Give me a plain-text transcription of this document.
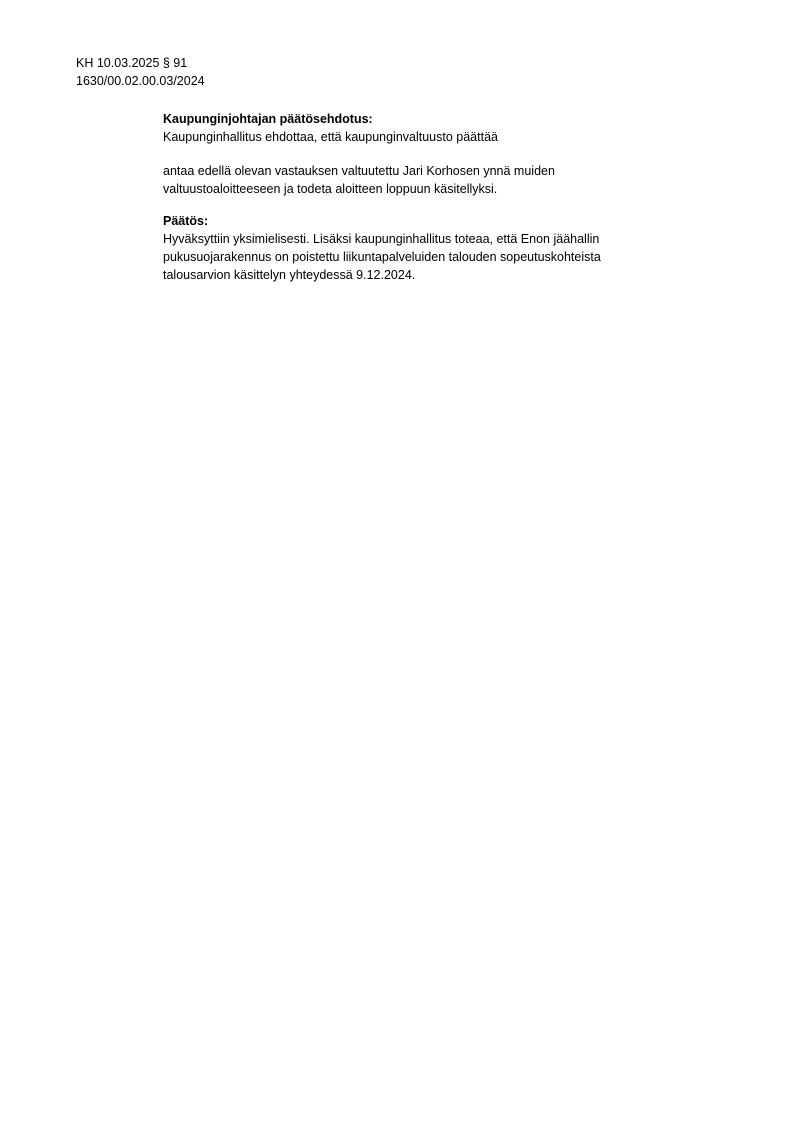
KH 10.03.2025 § 91
1630/00.02.00.03/2024
Kaupunginjohtajan päätösehdotus:
Kaupunginhallitus ehdottaa, että kaupunginvaltuusto päättää
antaa edellä olevan vastauksen valtuutettu Jari Korhosen ynnä muiden
valtuustoaloitteeseen ja todeta aloitteen loppuun käsitellyksi.
Päätös:
Hyväksyttiin yksimielisesti. Lisäksi kaupunginhallitus toteaa, että Enon jäähallin
pukusuojarakennus on poistettu liikuntapalveluiden talouden sopeutuskohteista
talousarvion käsittelyn yhteydessä 9.12.2024.
